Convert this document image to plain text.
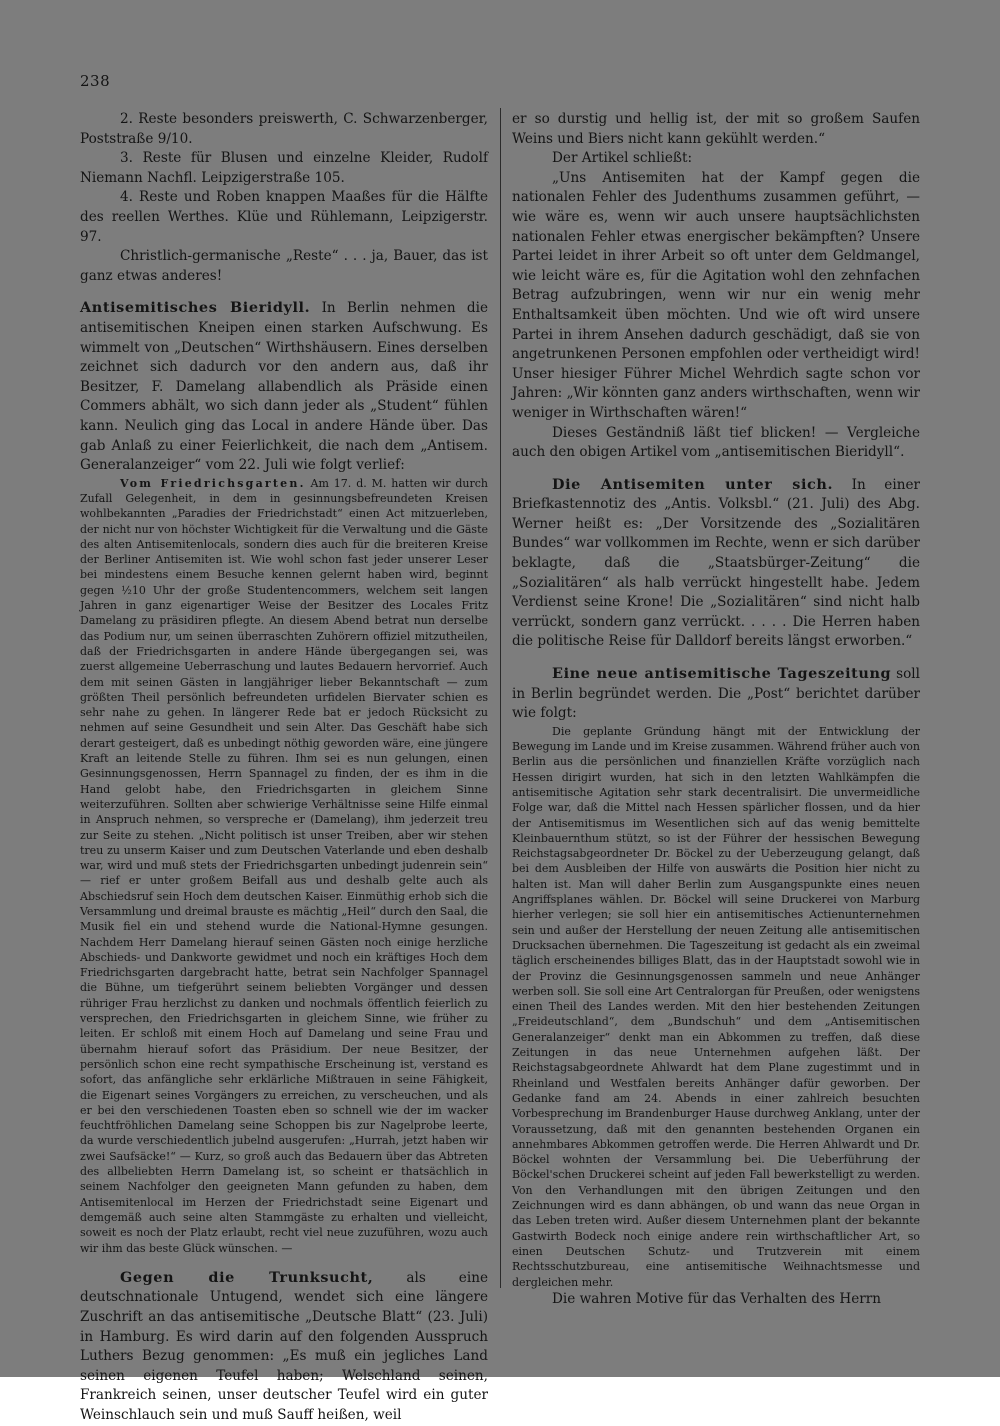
238

2. Reste besonders preiswerth, C. Schwarzenberger, Poststraße 9/10.

3. Reste für Blusen und einzelne Kleider, Rudolf Niemann Nachfl. Leipzigerstraße 105.

4. Reste und Roben knappen Maaßes für die Hälfte des reellen Werthes. Klüe und Rühlemann, Leipzigerstr. 97.

Christlich-germanische „Reste“ . . . ja, Bauer, das ist ganz etwas anderes!

Antisemitisches Bieridyll. In Berlin nehmen die antisemitischen Kneipen einen starken Aufschwung. Es wimmelt von „Deutschen“ Wirthshäusern. Eines derselben zeichnet sich dadurch vor den andern aus, daß ihr Besitzer, F. Damelang allabendlich als Präside einen Commers abhält, wo sich dann jeder als „Student“ fühlen kann. Neulich ging das Local in andere Hände über. Das gab Anlaß zu einer Feierlichkeit, die nach dem „Antisem. Generalanzeiger“ vom 22. Juli wie folgt verlief:

Vom Friedrichsgarten. Am 17. d. M. hatten wir durch Zufall Gelegenheit, in dem in gesinnungsbefreundeten Kreisen wohlbekannten „Paradies der Friedrichstadt“ einen Act mitzuerleben, der nicht nur von höchster Wichtigkeit für die Verwaltung und die Gäste des alten Antisemitenlocals, sondern dies auch für die breiteren Kreise der Berliner Antisemiten ist. Wie wohl schon fast jeder unserer Leser bei mindestens einem Besuche kennen gelernt haben wird, beginnt gegen ½10 Uhr der große Studentencommers, welchem seit langen Jahren in ganz eigenartiger Weise der Besitzer des Locales Fritz Damelang zu präsidiren pflegte. An diesem Abend betrat nun derselbe das Podium nur, um seinen überraschten Zuhörern offiziel mitzutheilen, daß der Friedrichsgarten in andere Hände übergegangen sei, was zuerst allgemeine Ueberraschung und lautes Bedauern hervorrief. Auch dem mit seinen Gästen in langjähriger lieber Bekanntschaft — zum größten Theil persönlich befreundeten urfidelen Biervater schien es sehr nahe zu gehen. In längerer Rede bat er jedoch Rücksicht zu nehmen auf seine Gesundheit und sein Alter. Das Geschäft habe sich derart gesteigert, daß es unbedingt nöthig geworden wäre, eine jüngere Kraft an leitende Stelle zu führen. Ihm sei es nun gelungen, einen Gesinnungsgenossen, Herrn Spannagel zu finden, der es ihm in die Hand gelobt habe, den Friedrichsgarten in gleichem Sinne weiterzuführen. Sollten aber schwierige Verhältnisse seine Hilfe einmal in Anspruch nehmen, so verspreche er (Damelang), ihm jederzeit treu zur Seite zu stehen. „Nicht politisch ist unser Treiben, aber wir stehen treu zu unserm Kaiser und zum Deutschen Vaterlande und eben deshalb war, wird und muß stets der Friedrichsgarten unbedingt judenrein sein“ — rief er unter großem Beifall aus und deshalb gelte auch als Abschiedsruf sein Hoch dem deutschen Kaiser. Einmüthig erhob sich die Versammlung und dreimal brauste es mächtig „Heil“ durch den Saal, die Musik fiel ein und stehend wurde die National-Hymne gesungen. Nachdem Herr Damelang hierauf seinen Gästen noch einige herzliche Abschieds- und Dankworte gewidmet und noch ein kräftiges Hoch dem Friedrichsgarten dargebracht hatte, betrat sein Nachfolger Spannagel die Bühne, um tiefgerührt seinem beliebten Vorgänger und dessen rühriger Frau herzlichst zu danken und nochmals öffentlich feierlich zu versprechen, den Friedrichsgarten in gleichem Sinne, wie früher zu leiten. Er schloß mit einem Hoch auf Damelang und seine Frau und übernahm hierauf sofort das Präsidium. Der neue Besitzer, der persönlich schon eine recht sympathische Erscheinung ist, verstand es sofort, das anfängliche sehr erklärliche Mißtrauen in seine Fähigkeit, die Eigenart seines Vorgängers zu erreichen, zu verscheuchen, und als er bei den verschiedenen Toasten eben so schnell wie der im wacker feuchtfröhlichen Damelang seine Schoppen bis zur Nagelprobe leerte, da wurde verschiedentlich jubelnd ausgerufen: „Hurrah, jetzt haben wir zwei Saufsäcke!“ — Kurz, so groß auch das Bedauern über das Abtreten des allbeliebten Herrn Damelang ist, so scheint er thatsächlich in seinem Nachfolger den geeigneten Mann gefunden zu haben, dem Antisemitenlocal im Herzen der Friedrichstadt seine Eigenart und demgemäß auch seine alten Stammgäste zu erhalten und vielleicht, soweit es noch der Platz erlaubt, recht viel neue zuzuführen, wozu auch wir ihm das beste Glück wünschen. —

Gegen die Trunksucht, als eine deutschnationale Untugend, wendet sich eine längere Zuschrift an das antisemitische „Deutsche Blatt“ (23. Juli) in Hamburg. Es wird darin auf den folgenden Ausspruch Luthers Bezug genommen: „Es muß ein jegliches Land seinen eigenen Teufel haben; Welschland seinen, Frankreich seinen, unser deutscher Teufel wird ein guter Weinschlauch sein und muß Sauff heißen, weil

er so durstig und hellig ist, der mit so großem Saufen Weins und Biers nicht kann gekühlt werden.“

Der Artikel schließt:

„Uns Antisemiten hat der Kampf gegen die nationalen Fehler des Judenthums zusammen geführt, — wie wäre es, wenn wir auch unsere hauptsächlichsten nationalen Fehler etwas energischer bekämpften? Unsere Partei leidet in ihrer Arbeit so oft unter dem Geldmangel, wie leicht wäre es, für die Agitation wohl den zehnfachen Betrag aufzubringen, wenn wir nur ein wenig mehr Enthaltsamkeit üben möchten. Und wie oft wird unsere Partei in ihrem Ansehen dadurch geschädigt, daß sie von angetrunkenen Personen empfohlen oder vertheidigt wird! Unser hiesiger Führer Michel Wehrdich sagte schon vor Jahren: „Wir könnten ganz anders wirthschaften, wenn wir weniger in Wirthschaften wären!“

Dieses Geständniß läßt tief blicken! — Vergleiche auch den obigen Artikel vom „antisemitischen Bieridyll“.

Die Antisemiten unter sich. In einer Briefkastennotiz des „Antis. Volksbl.“ (21. Juli) des Abg. Werner heißt es: „Der Vorsitzende des „Sozialitären Bundes“ war vollkommen im Rechte, wenn er sich darüber beklagte, daß die „Staatsbürger-Zeitung“ die „Sozialitären“ als halb verrückt hingestellt habe. Jedem Verdienst seine Krone! Die „Sozialitären“ sind nicht halb verrückt, sondern ganz verrückt. . . . . Die Herren haben die politische Reise für Dalldorf bereits längst erworben.“

Eine neue antisemitische Tageszeitung soll in Berlin begründet werden. Die „Post“ berichtet darüber wie folgt:

Die geplante Gründung hängt mit der Entwicklung der Bewegung im Lande und im Kreise zusammen. Während früher auch von Berlin aus die persönlichen und finanziellen Kräfte vorzüglich nach Hessen dirigirt wurden, hat sich in den letzten Wahlkämpfen die antisemitische Agitation sehr stark decentralisirt. Die unvermeidliche Folge war, daß die Mittel nach Hessen spärlicher flossen, und da hier der Antisemitismus im Wesentlichen sich auf das wenig bemittelte Kleinbauernthum stützt, so ist der Führer der hessischen Bewegung Reichstagsabgeordneter Dr. Böckel zu der Ueberzeugung gelangt, daß bei dem Ausbleiben der Hilfe von auswärts die Position hier nicht zu halten ist. Man will daher Berlin zum Ausgangspunkte eines neuen Angriffsplanes wählen. Dr. Böckel will seine Druckerei von Marburg hierher verlegen; sie soll hier ein antisemitisches Actienunternehmen sein und außer der Herstellung der neuen Zeitung alle antisemitischen Drucksachen übernehmen. Die Tageszeitung ist gedacht als ein zweimal täglich erscheinendes billiges Blatt, das in der Hauptstadt sowohl wie in der Provinz die Gesinnungsgenossen sammeln und neue Anhänger werben soll. Sie soll eine Art Centralorgan für Preußen, oder wenigstens einen Theil des Landes werden. Mit den hier bestehenden Zeitungen „Freideutschland“, dem „Bundschuh“ und dem „Antisemitischen Generalanzeiger“ denkt man ein Abkommen zu treffen, daß diese Zeitungen in das neue Unternehmen aufgehen läßt. Der Reichstagsabgeordnete Ahlwardt hat dem Plane zugestimmt und in Rheinland und Westfalen bereits Anhänger dafür geworben. Der Gedanke fand am 24. Abends in einer zahlreich besuchten Vorbesprechung im Brandenburger Hause durchweg Anklang, unter der Voraussetzung, daß mit den genannten bestehenden Organen ein annehmbares Abkommen getroffen werde. Die Herren Ahlwardt und Dr. Böckel wohnten der Versammlung bei. Die Ueberführung der Böckel'schen Druckerei scheint auf jeden Fall bewerkstelligt zu werden. Von den Verhandlungen mit den übrigen Zeitungen und den Zeichnungen wird es dann abhängen, ob und wann das neue Organ in das Leben treten wird. Außer diesem Unternehmen plant der bekannte Gastwirth Bodeck noch einige andere rein wirthschaftlicher Art, so einen Deutschen Schutz- und Trutzverein mit einem Rechtsschutzbureau, eine antisemitische Weihnachtsmesse und dergleichen mehr.

Die wahren Motive für das Verhalten des Herrn
